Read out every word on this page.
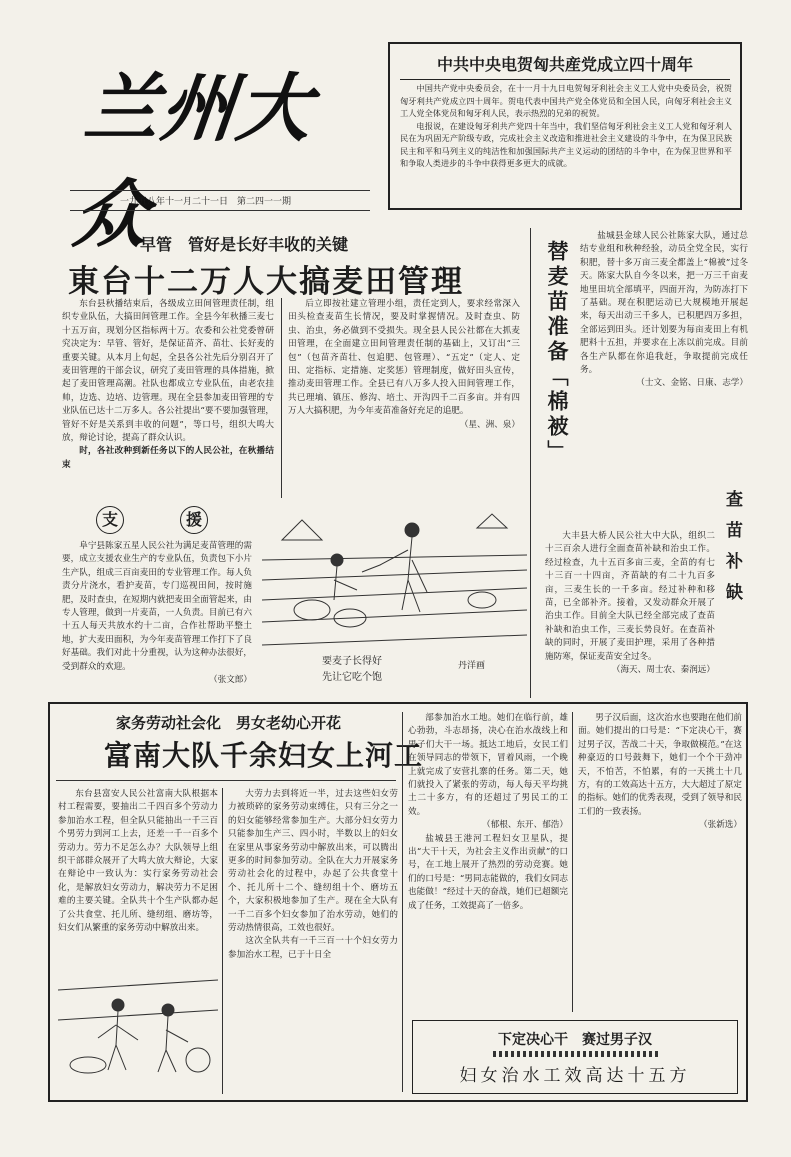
兰州大众
一九五八年十一月二十一日　第二四一一期
中共中央电贺匈共産党成立四十周年

中国共产党中央委员会，在十一月十九日电贺匈牙利社会主义工人党中央委员会，祝贺匈牙利共产党成立四十周年。贺电代表中国共产党全体党员和全国人民，向匈牙利社会主义工人党全体党员和匈牙利人民，表示热烈的兄弟的祝贺。

电报说，在建设匈牙利共产党四十年当中，我们坚信匈牙利社会主义工人党和匈牙利人民在为巩固无产阶级专政，完成社会主义改造和推进社会主义建设的斗争中，在为保卫民族民主和平和马列主义的纯洁性和加强国际共产主义运动的团结的斗争中，在为保卫世界和平和争取人类进步的斗争中获得更多更大的成就。

早管　管好是长好丰收的关键
東台十二万人大搞麦田管理

东台县秋播结束后，各级成立田间管理责任制，组织专业队伍，大搞田间管理工作。全县今年秋播三麦七十五万亩，现划分区指标两十万。农委和公社党委曾研究决定为：早管、管好，是保证苗齐、苗壮、长好麦的重要关键。从本月上旬起，全县各公社先后分别召开了麦田管理的干部会议，研究了麦田管理的具体措施，掀起了麦田管理高潮。社队也都成立专业队伍，由老农挂帅，边选、边培、边管理。现在全县参加麦田管理的专业队伍已达十二万多人。各公社提出“要不要加强管理，管好不好是关系到丰收的问题”，等口号，组织大鸣大放，辩论讨论，提高了群众认识。

时，各社改种到新任务以下的人民公社，在秋播结束

后立即按社建立管理小组，责任定到人，要求经常深入田头检查麦苗生长情况，要及时掌握情况。及时查虫、防虫、治虫，务必做到不受损失。现全县人民公社都在大抓麦田管理，在全面建立田间管理责任制的基础上，又订出“三包”（包苗齐苗壮、包追肥、包管理）、“五定”（定人、定田、定指标、定措施、定奖惩）管理制度，做好田头宣传，推动麦田管理工作。全县已有八万多人投入田间管理工作，共已理墒、镇压、修沟、培土、开沟四千二百多亩。并有四万人大搞积肥，为今年麦苗准备好充足的追肥。

（星、洲、泉）

支	援

阜宁县陈家五星人民公社为满足麦苗管理的需要，成立支援农业生产的专业队伍，负责包下小片生产队，组成三百亩麦田的专业管理工作。每人负责分片浇水，看护麦苗，专门巡视田间，按时施肥，及时查虫，在短期内就把麦田全面管起来，由专人管理，做到一片麦苗，一人负责。目前已有六十五人每天共放水约十二亩，合作社帮助平整土地，扩大麦田面积，为今年麦苗管理工作打下了良好基础。我们对此十分重视，认为这种办法很好，受到群众的欢迎。

（张文郎）

要麦子长得好
先让它吃个饱
丹洋画
替麦苗准备「棉被」

盐城县金球人民公社陈家大队，通过总结专业组和秋种经验，动员全党全民，实行积肥，替十多万亩三麦全都盖上“棉被”过冬天。陈家大队自今冬以来，把一万三千亩麦地里田坑全部填平，四面开沟，为防冻打下了基础。现在积肥运动已大规模地开展起来，每天出动三千多人，已积肥四万多担，全部运到田头。还计划要为每亩麦田上有机肥料十五担，并要求在上冻以前完成。目前各生产队都在你追我赶，争取提前完成任务。

（士文、金铭、日康、志学）

查苗补缺

大丰县大桥人民公社大中大队，组织二十三百余人进行全面查苗补缺和治虫工作。经过检查，九十五百多亩三麦，全苗的有七十三百一十四亩，齐苗缺的有二十九百多亩，三麦生长的一千多亩。经过补种和移苗，已全部补齐。接着，又发动群众开展了治虫工作。目前全大队已经全部完成了查苗补缺和治虫工作，三麦长势良好。在查苗补缺的同时，开展了麦田护理，采用了各种措施防寒，保证麦苗安全过冬。

（海天、周士农、秦润远）

家务劳动社会化　男女老幼心开花
富南大队千余妇女上河工

东台县富安人民公社富南大队根据本村工程需要，要抽出二千四百多个劳动力参加治水工程，但全队只能抽出一千三百个男劳力到河工上去，还差一千一百多个劳动力。劳力不足怎么办？大队领导上组织干部群众展开了大鸣大放大辩论，大家在辩论中一致认为：实行家务劳动社会化，是解放妇女劳动力，解决劳力不足困难的主要关键。全队共十个生产队都办起了公共食堂、托儿所、缝纫组、磨坊等，妇女们从繁重的家务劳动中解放出来。

大劳力去到将近一半，过去这些妇女劳力被琐碎的家务劳动束缚住，只有三分之一的妇女能够经常参加生产。大部分妇女劳力只能参加生产三、四小时，半数以上的妇女在家里从事家务劳动中解放出来，可以腾出更多的时间参加劳动。全队在大力开展家务劳动社会化的过程中，办起了公共食堂十个、托儿所十二个、缝纫组十个、磨坊五个，大家积极地参加了生产。现在全大队有一千二百多个妇女参加了治水劳动，她们的劳动热情很高，工效也很好。

这次全队共有一千三百一十个妇女劳力参加治水工程，已于十日全

部参加治水工地。她们在临行前，雄心勃勃，斗志昂扬，决心在治水战线上和男子们大干一场。抵达工地后，女民工们在领导同志的带领下，冒着风雨，一个晚上就完成了安营扎寨的任务。第二天，她们就投入了紧张的劳动，每人每天平均挑土二十多方，有的还超过了男民工的工效。

（郁根、东开、郁浩）

盐城县王港河工程妇女卫星队，提出“大干十天，为社会主义作出贡献”的口号，在工地上展开了热烈的劳动竞赛。她们的口号是：“男同志能做的，我们女同志也能做！”经过十天的奋战，她们已超额完成了任务，工效提高了一倍多。

男子汉后面，这次治水也要跑在他们前面。她们提出的口号是：“下定决心干，赛过男子汉，苦战二十天，争取做模范。”在这种豪迈的口号鼓舞下，她们一个个干劲冲天，不怕苦，不怕累，有的一天挑土十几方，有的工效高达十五方，大大超过了原定的指标。她们的优秀表现，受到了领导和民工们的一致表扬。

（张新选）

下定决心干　赛过男子汉
妇女治水工效高达十五方
